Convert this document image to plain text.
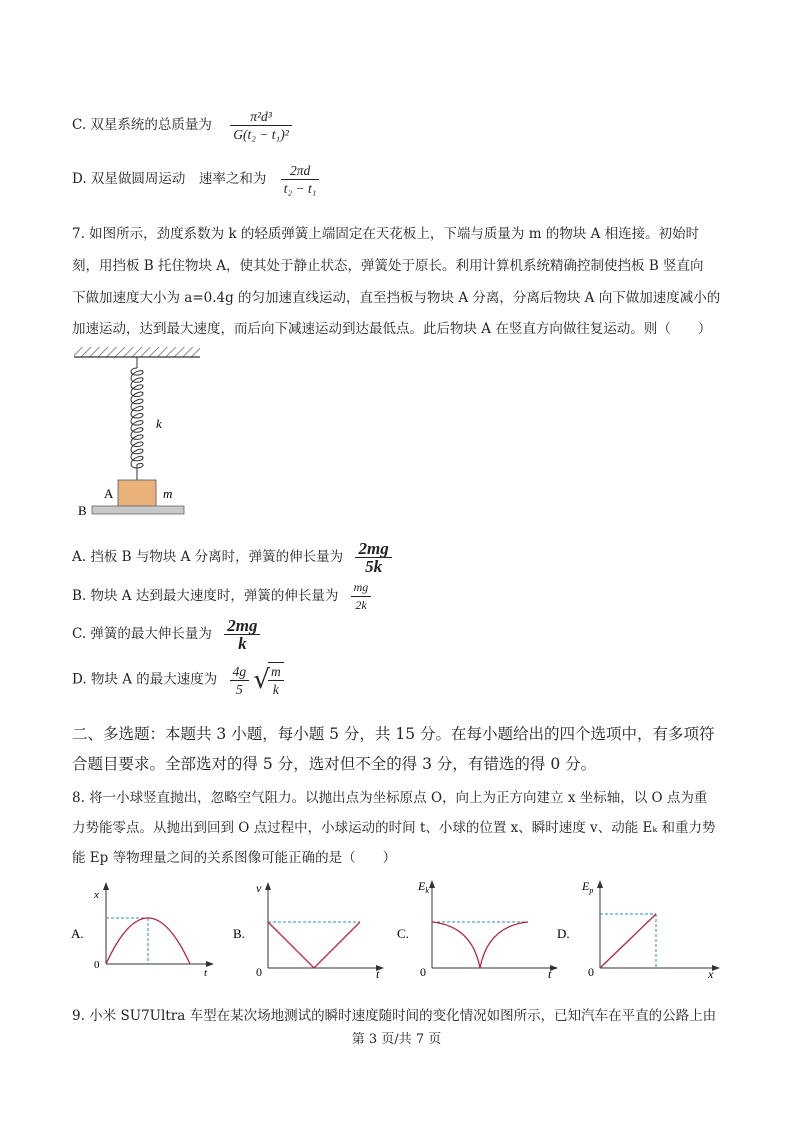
C. 双星系统的总质量为 $\frac{\text{π²d³}}{\text{G(t₂ − t₁)²}}$
D. 双星做圆周运动　速率之和为 $\frac{2\pi d}{\text{t₂ − t₁}}$
7. 如图所示，劲度系数为 k 的轻质弹簧上端固定在天花板上，下端与质量为 m 的物块 A 相连接。初始时
刻，用挡板 B 托住物块 A，使其处于静止状态，弹簧处于原长。利用计算机系统精确控制使挡板 B 竖直向
下做加速度大小为 a=0.4g 的匀加速直线运动，直至挡板与物块 A 分离，分离后物块 A 向下做加速度减小的
加速运动，达到最大速度，而后向下减速运动到达最低点。此后物块 A 在竖直方向做往复运动。则（　　）
k
A	m
B
A. 挡板 B 与物块 A 分离时，弹簧的伸长量为 $\frac{2mg}{5k}$
B. 物块 A 达到最大速度时，弹簧的伸长量为 $\frac{mg}{2k}$
C. 弹簧的最大伸长量为 $\frac{2mg}{k}$
D. 物块 A 的最大速度为 $\frac{4g}{5}$ √
$\frac{m}{k}$
二、多选题：本题共 3 小题，每小题 5 分，共 15 分。在每小题给出的四个选项中，有多项符
合题目要求。全部选对的得 5 分，选对但不全的得 3 分，有错选的得 0 分。
8. 将一小球竖直抛出，忽略空气阻力。以抛出点为坐标原点 O，向上为正方向建立 x 坐标轴，以 O 点为重
力势能零点。从抛出到回到 O 点过程中，小球运动的时间 t、小球的位置 x、瞬时速度 v、动能 Eₖ 和重力势
能 Ep 等物理量之间的关系图像可能正确的是（　　）
A.
x
t
0
B.
v
t
0
C.
$E_k$
t
0
D.
$E_p$
x
0
9. 小米 SU7Ultra 车型在某次场地测试的瞬时速度随时间的变化情况如图所示，已知汽车在平直的公路上由
第 3 页/共 7 页
